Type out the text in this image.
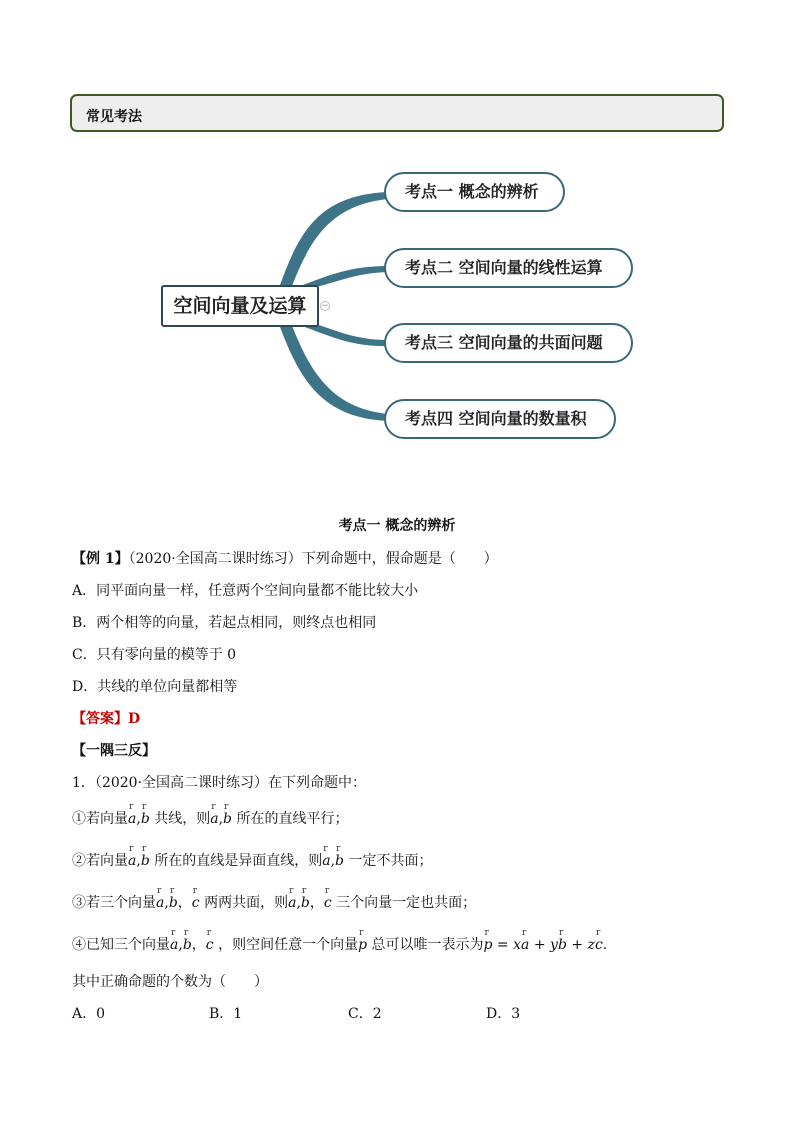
常见考法
空间向量及运算	−
考点一 概念的辨析
考点二 空间向量的线性运算
考点三 空间向量的共面问题
考点四 空间向量的数量积
考点一 概念的辨析
【例 1】（2020·全国高二课时练习）下列命题中，假命题是（　　）
A．同平面向量一样，任意两个空间向量都不能比较大小
B．两个相等的向量，若起点相同，则终点也相同
C．只有零向量的模等于 0
D．共线的单位向量都相等
【答案】D
【一隅三反】
1．（2020·全国高二课时练习）在下列命题中：
①若向量r a,r b 共线，则r a,r b 所在的直线平行；
②若向量r a,r b 所在的直线是异面直线，则r a,r b 一定不共面；
③若三个向量r a,r b，r c 两两共面，则r a,r b，r c 三个向量一定也共面；
④已知三个向量r a,r b，r c ，则空间任意一个向量r p 总可以唯一表示为r p = xr a + yr b + zr c.
其中正确命题的个数为（　　）
A．0	B．1	C．2	D．3
